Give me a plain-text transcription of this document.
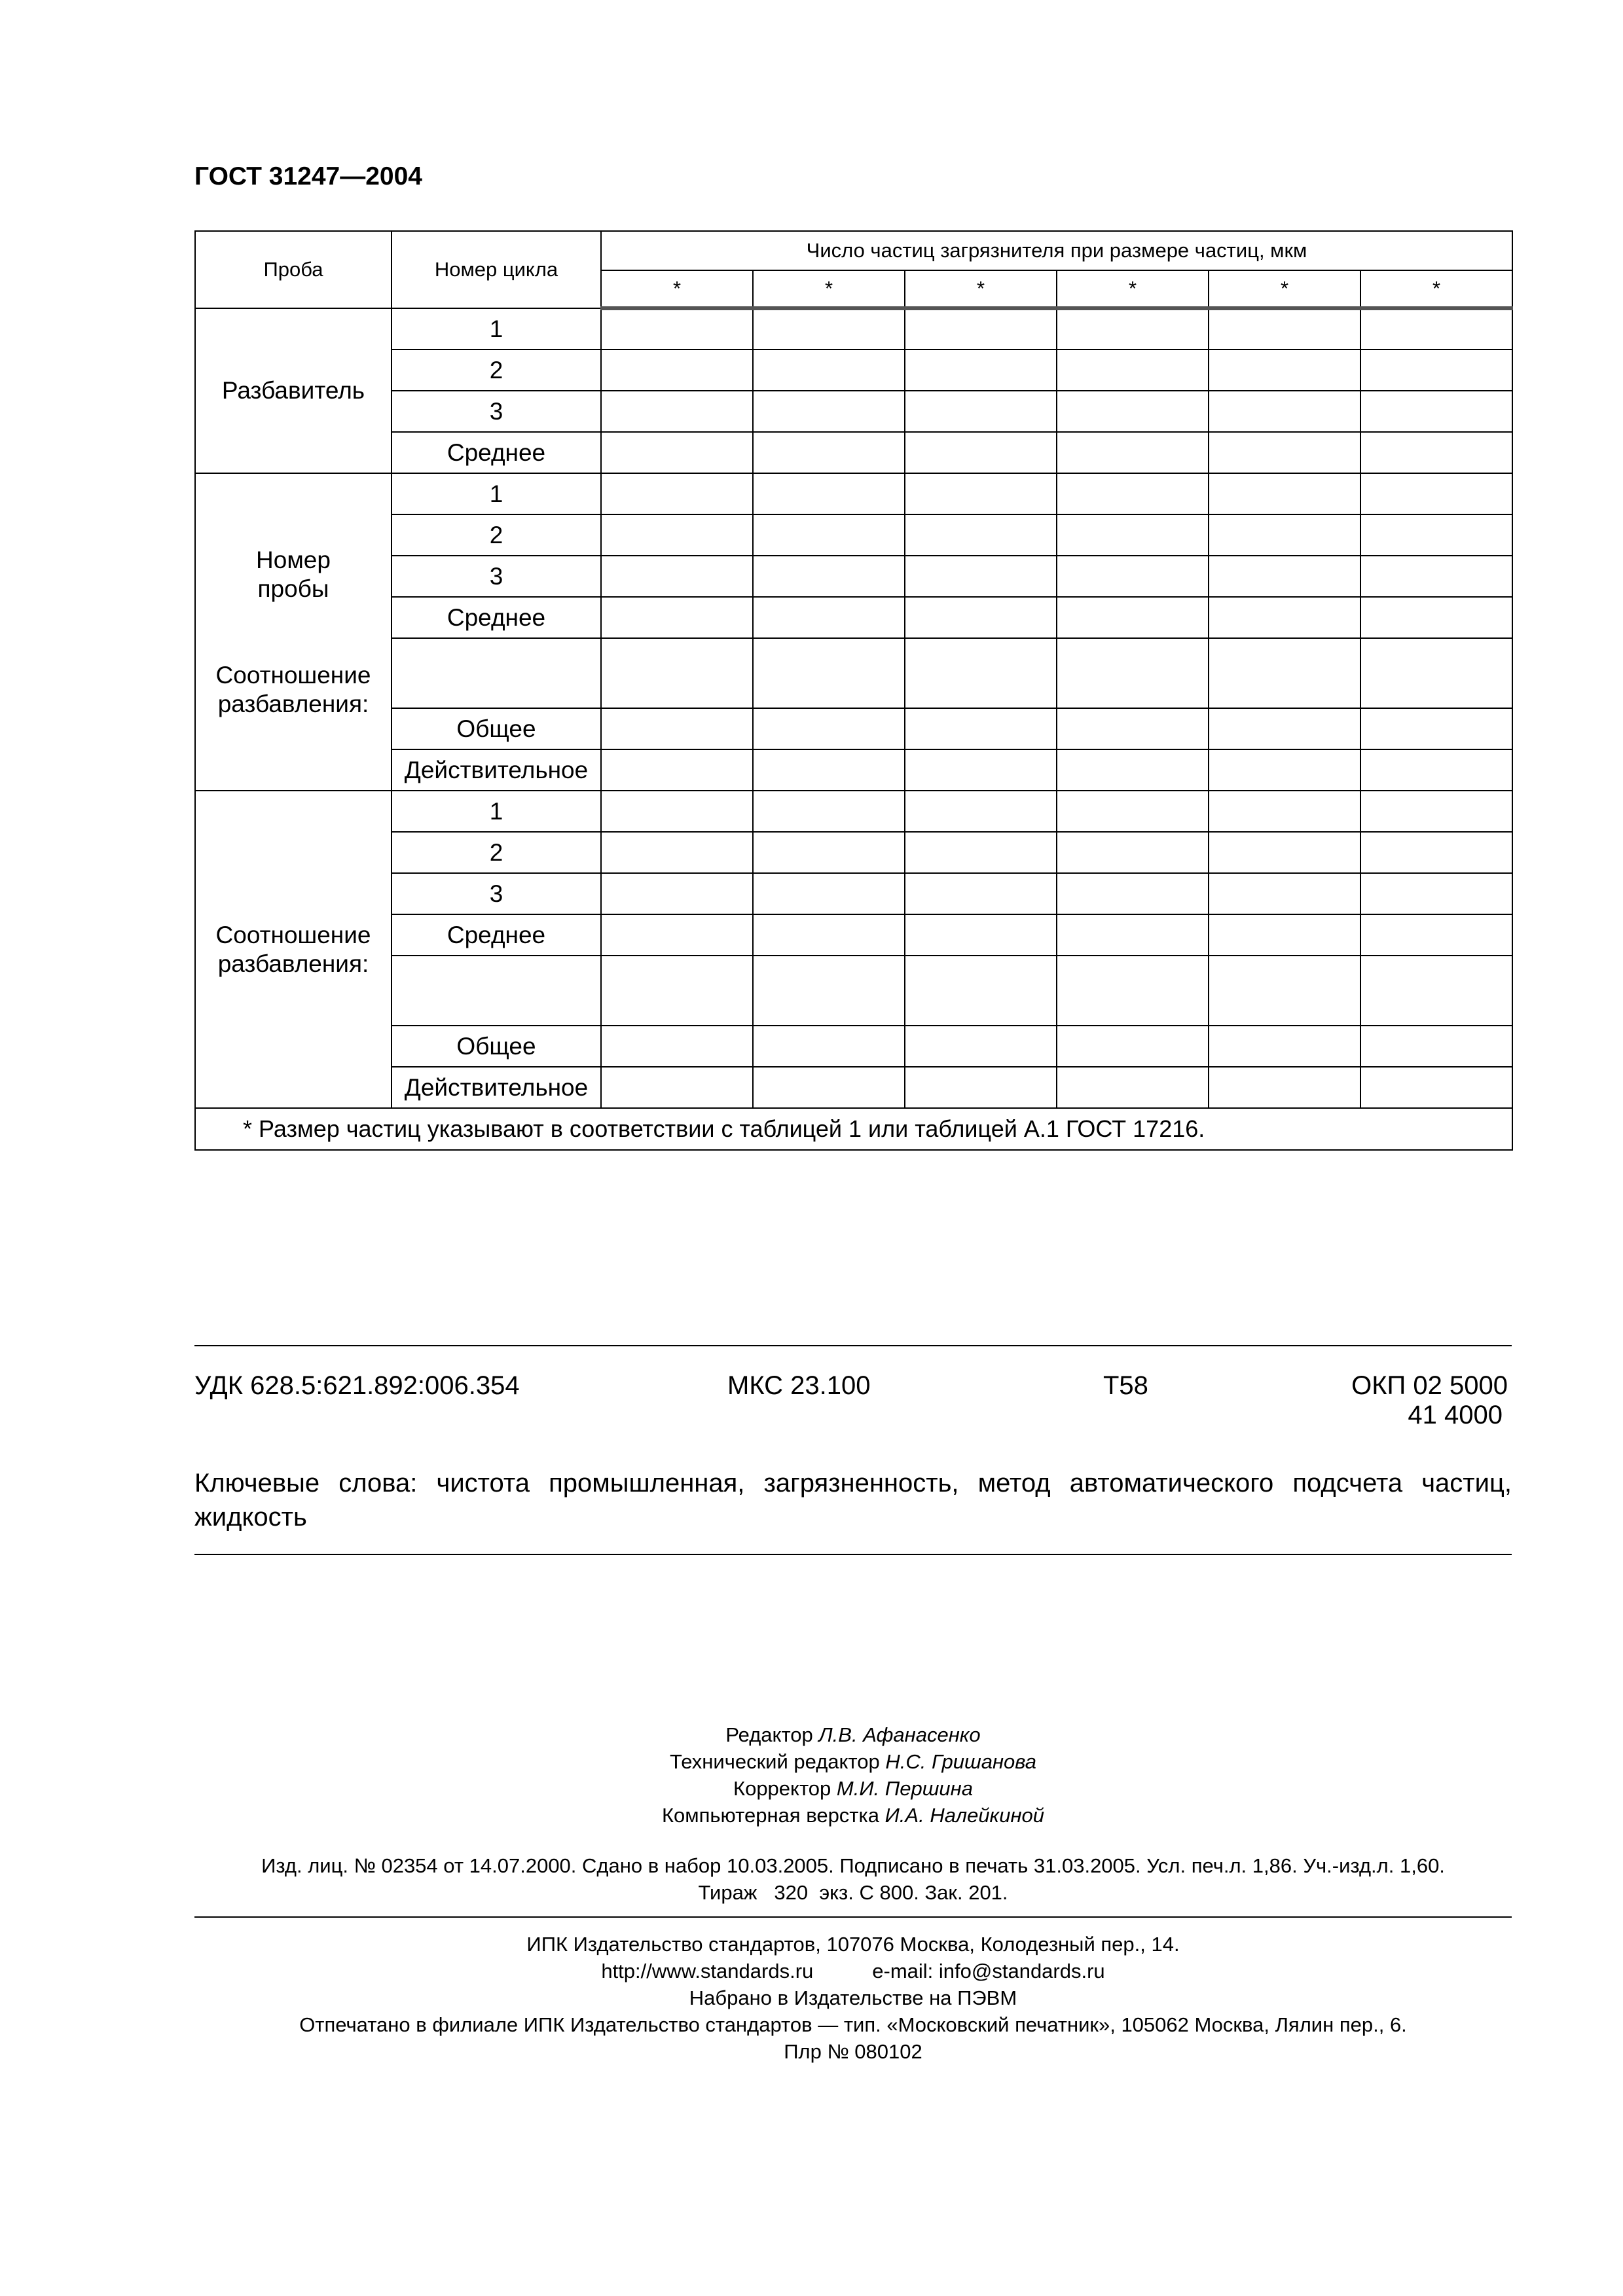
ГОСТ 31247—2004

Проба	Номер цикла	Число частиц загрязнителя при размере частиц, мкм					
		*	*	*	*	*	*

Разбавитель	1						
	2						
	3						
	Среднее						

Номер
пробы
Соотношение
разбавления:	1						
	2						
	3						
	Среднее						

	Общее						
	Действительное						

Соотношение
разбавления:	1						
	2						
	3						
	Среднее						

	Общее						
	Действительное						
* Размер частиц указывают в соответствии с таблицей 1 или таблицей А.1 ГОСТ 17216.							
УДК 628.5:621.892:006.354	МКС 23.100	Т58	ОКП 02 5000
41 4000

Ключевые слова: чистота промышленная, загрязненность, метод автоматического подсчета частиц, жидкость

Редактор Л.В. Афанасенко
Технический редактор Н.С. Гришанова
Корректор М.И. Першина
Компьютерная верстка И.А. Налейкиной
Изд. лиц. № 02354 от 14.07.2000. Сдано в набор 10.03.2005. Подписано в печать 31.03.2005. Усл. печ.л. 1,86. Уч.-изд.л. 1,60.
Тираж   320  экз. С 800. Зак. 201.
ИПК Издательство стандартов, 107076 Москва, Колодезный пер., 14.
http://www.standards.ru	e-mail: info@standards.ru
Набрано в Издательстве на ПЭВМ
Отпечатано в филиале ИПК Издательство стандартов — тип. «Московский печатник», 105062 Москва, Лялин пер., 6.
Плр № 080102
